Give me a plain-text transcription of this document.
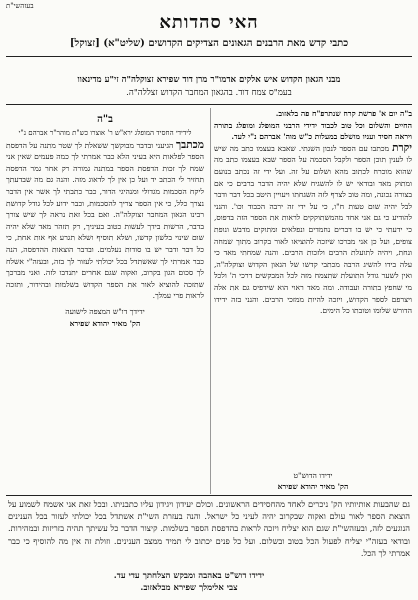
בעזהשי"ת
האי סהדותא
כתבי קדש מאת הרבנים הגאונים הצדיקים הקדושים (שליט"א) [זצוקל]
מבני הגאון הקדוש איש אלקים אדמו"ר מרן דוד שפירא זצוקלה"ה זי"ע מדינאוו
בעמ"ס צמח דוד. בהגאון המחבר הקדוש זצללה"ה.

ב"ה יום א' פרשת קרח שנתרפ"ח פה בלאזוב.

החיים והשלום וכל טוב לכבוד ידידי הרבני המופלג ומופלג בתורה ויראה חסיד ועניו מושלם במעלות כ"ש מוה' אברהם נ"י לעד.

יקרת מכתבו עם הספר לנכון השגתי. שאבא בעצמו כתב מה שיש לו לענין תוכן הספר ולקבל הסכמה על הספר שבא בעצמו כתב מה שהוא מוכרח לכתוב מהא ושלום על זה. ועל ידי זה נכתב בנועם ומתוק מאד ובודאי יש לו להשגיח שלא יהיה הדבר ברבים כי אם בצורה נכונה, ומה טוב לצרף לזה השגחתו ויעויין היטב בכל דבר ודבר לבל יהיה שום טעות ח"ו, כי על ידי זה ירבה הכבוד וכו'. והנני להודיע כי גם אני אחד מהמשתוקקים לראות את הספר הזה בדפוס, כי ידעתי כי יש בו דברים נחמדים ונפלאים ומתוקים מדבש ונופת צופים, ועל כן אני מברכו שיזכה להוציאו לאור בקרוב מתוך שמחה ונחת, ויהיה לתועלת הרבים ולזכות הרבים. והנה שמחתי מאד כי עלה בידו להשיג הרבה מכתבי קדשו של הגאון הקדוש זצוקלה"ה, ואין לשער גודל התועלת שתצמח מזה לכל המבקשים דרכי ה' ולכל מי שחפץ בתורה ועבודה. ומה מאד ראוי הוא שידפיס גם את אלה ויצרפם לספר הקדוש, ויזכה להיות ממזכי הרבים. והנני בזה ידידו הדורש שלומו וטובתו כל הימים.

ב"ה
לידידי החסיד המופלג ירא"ש ר' אוצרו כש"ת מוהר"ר אברהם נ"י

מכתבך הגיעני ובדבר מבוקשך ששאלת לך שטר מתנה על הדפסת הספר לפלאות היא בעיני הלא כבר אמרתי לך כמה פעמים שאין אני שמח לך זכות הדפסת הספר במתנה גמורה רק אחר גמר הדפסה תחזיר לי הכתב יד ועל כן אין לך לדאוג מזה. והנה גם מה שבדעתך ליקח הסכמות מגדולי ומנהיגי הדור, כבר כתבתי לך אשר אין הדבר נצרך כלל, כי אין הספר צריך להסכמות, וכבר ידוע לכל גודל קדושת רבינו הגאון המחבר זצוקלה"ה. ואם בכל זאת נראה לך שיש צורך בדבר, הרשות בידך לעשות כטוב בעיניך, רק תזהר מאד שלא יהיה שום שינוי בלשון קדשו, ושלא תוסיף ושלא תגרע אף אות אחת, כי כל דבר ודבר יש בו סודות נעלמים. ובדבר הוצאות ההדפסה, הנה כבר אמרתי לך שאשתדל בכל יכולתי לעזור לך בזה, ובעזה"י אשלח לך סכום הגון בקרוב, ואקוה שגם אחרים יתנדבו לזה. ואני מברכך שתזכה להוציא לאור את הספר הקדוש בשלמות ובהידור, ותזכה לראות פרי עמלך.

ידידך דו"ש המצפה לישועה
הק' מאיר יהודא שפירא

גם שהבעות אותיותיו הק' ניכרים לאחד מהחסידים הראשונים. וכולם יעידון ויגידון עליו כתבניתו. ובכל זאת אני אשמח לשמוע על הוצאת הספר לאור עולם ואקוה שבקרוב יהיה לעיני כל ישראל. והנה בעזרת השי"ת אשתדל בכל יכולתי לעזור בכל הענינים הנוגעים לזה, ובעזהשי"ת שגם הוא יצליח ויזכה לראות בהדפסת הספר בשלמות. קיצור הדבר כל עשיתך תהיה בזריזות ובמהירות. ובודאי בעזה"י יצליח לפעול הכל בטוב ובשלום. ועל כל פנים יכתוב לי תמיד ממצב הענינים. וזולת זה אין מה להוסיף כי כבר אמרתי לך הכל.

ידידו דוש"ט באהבה ומבקש הצלחתך עדי עד.
צבי אלימלך שפירא מבלאזוב.
ידידו הדוש"ט
הק' מאיר יהודא שפירא
